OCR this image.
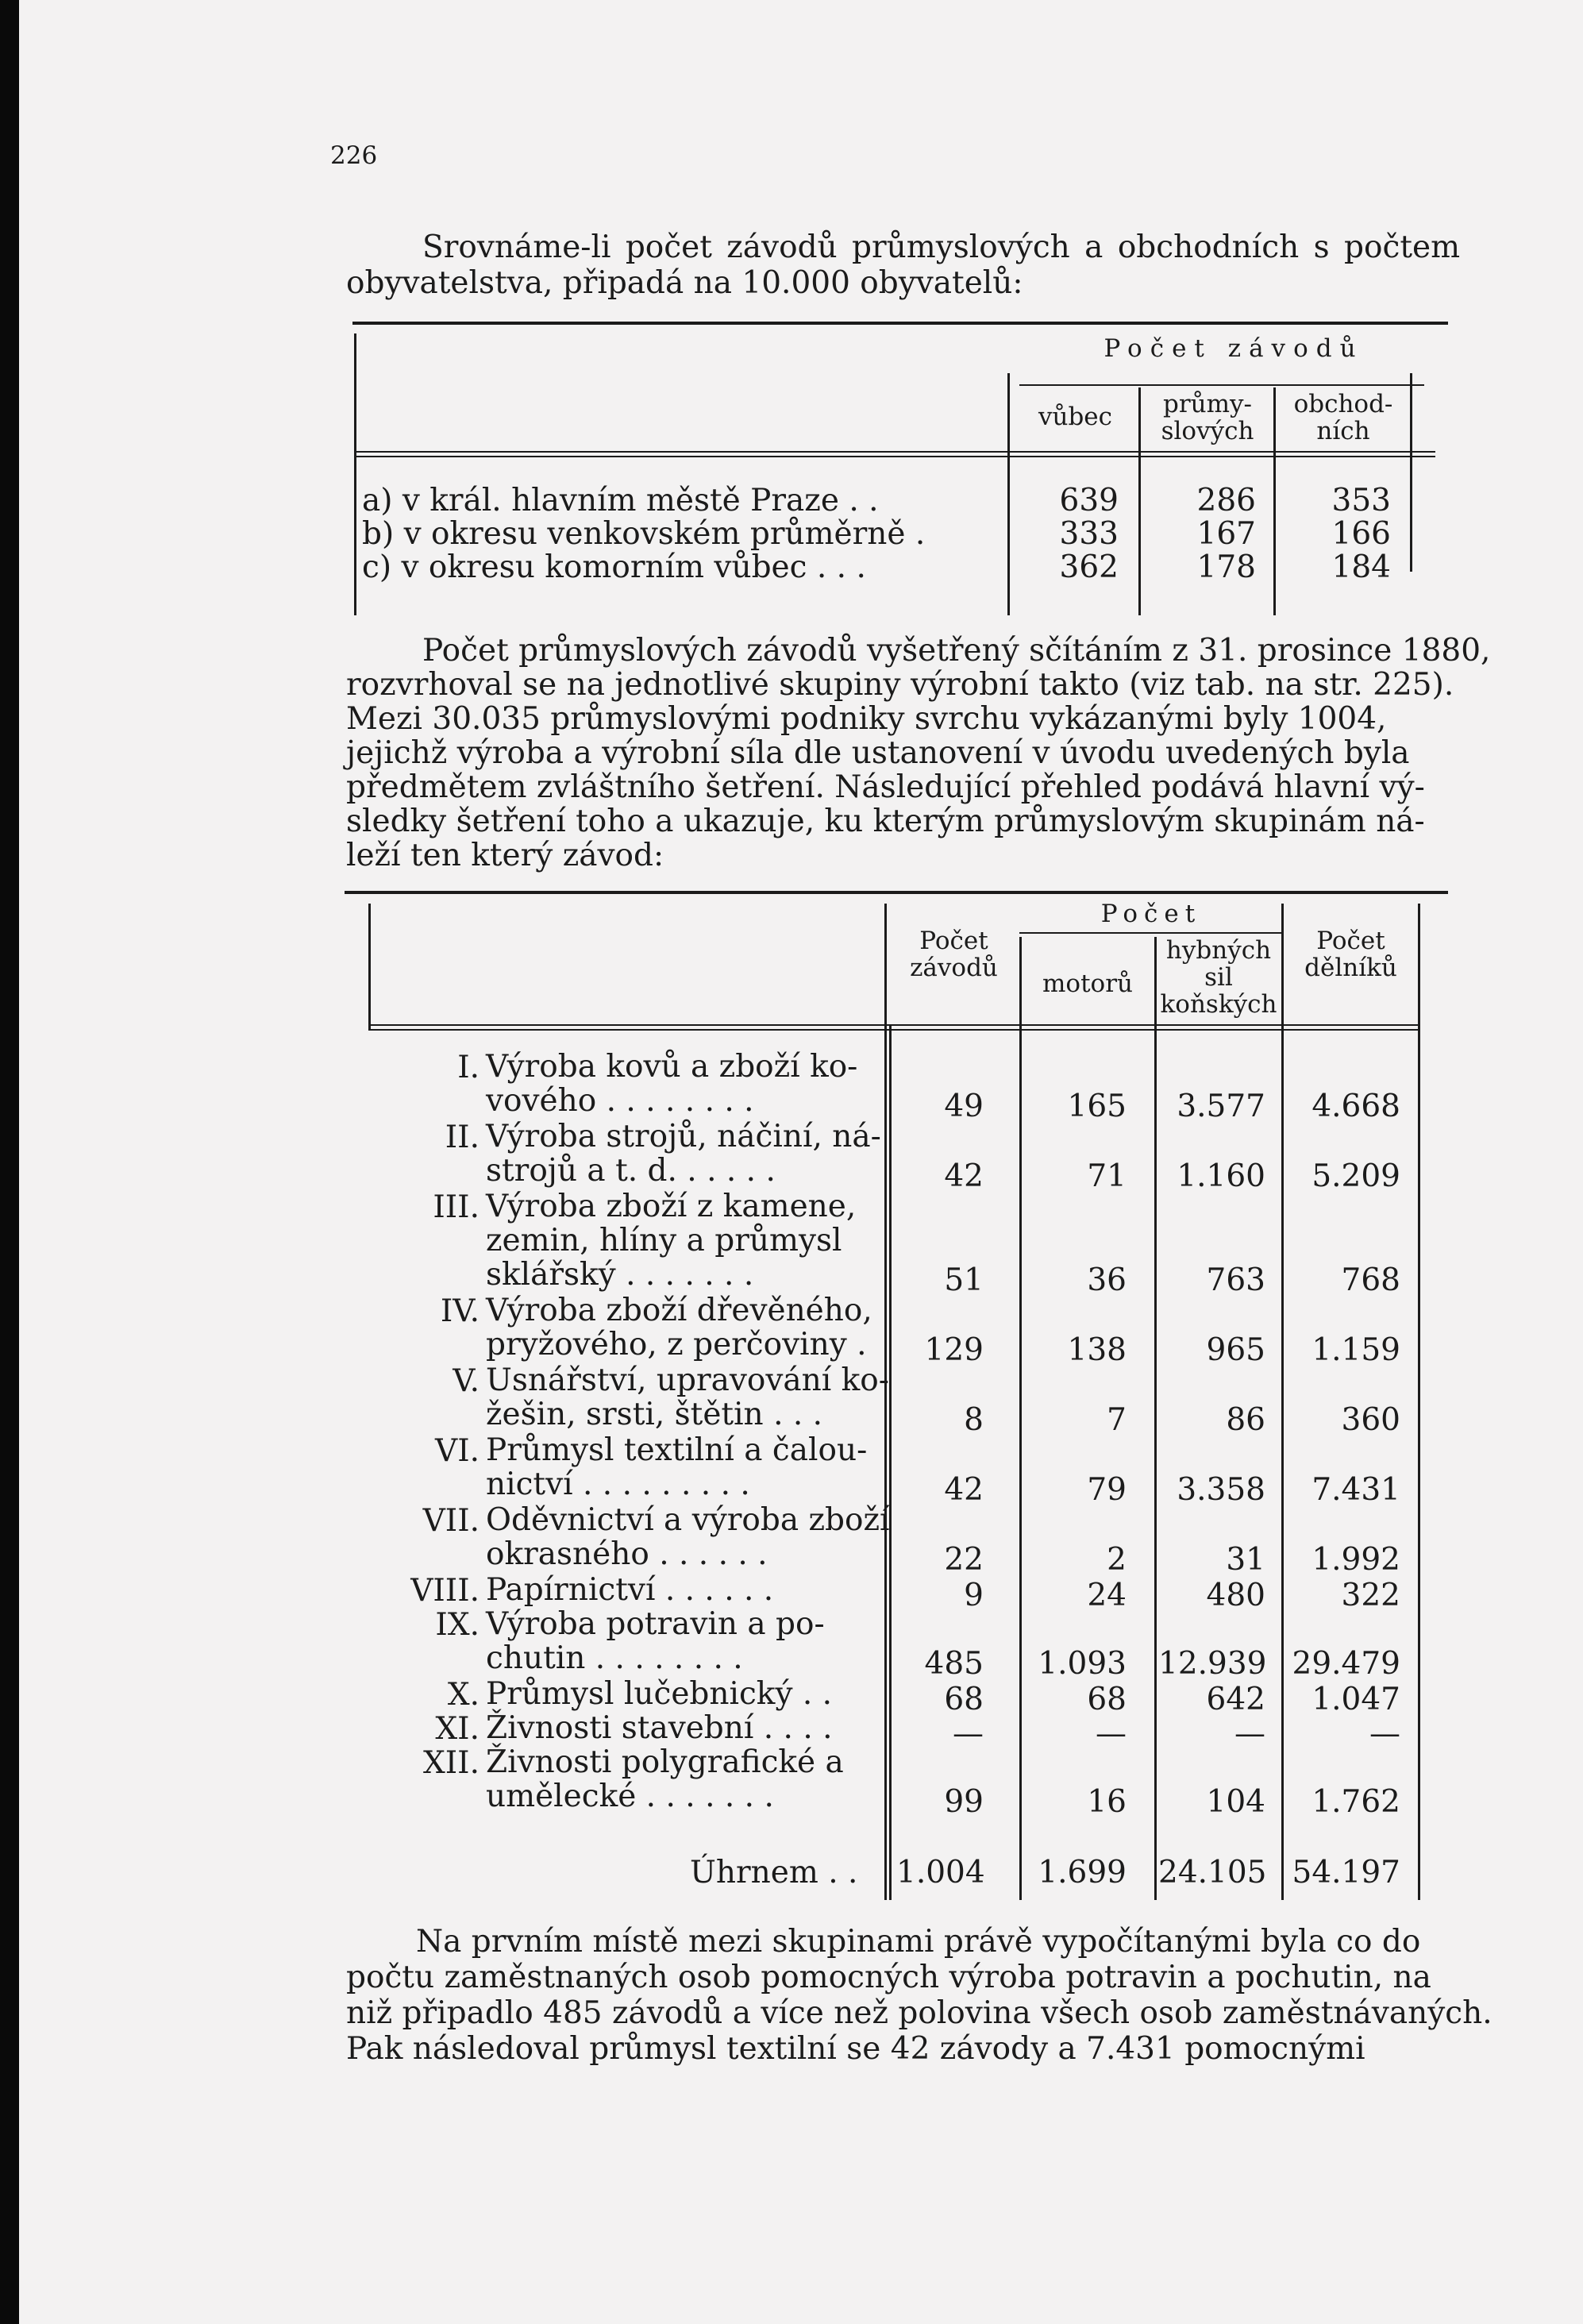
226
Srovnáme-li počet závodů průmyslových a obchodních s počtem
obyvatelstva, připadá na 10.000 obyvatelů:
Počet závodů
vůbec	průmy-
slových
obchod-
ních
a) v král. hlavním městě Praze . .
b) v okresu venkovském průměrně .
c) v okresu komorním vůbec . . .
639	286	353
333	167	166
362	178	184
Počet průmyslových závodů vyšetřený sčítáním z 31. prosince 1880,
rozvrhoval se na jednotlivé skupiny výrobní takto (viz tab. na str. 225).
Mezi 30.035 průmyslovými podniky svrchu vykázanými byly 1004,
jejichž výroba a výrobní síla dle ustanovení v úvodu uvedených byla
předmětem zvláštního šetření. Následující přehled podává hlavní vý-
sledky šetření toho a ukazuje, ku kterým průmyslovým skupinám ná-
leží ten který závod:
Počet
závodů
Počet
motorů
hybných
sil
koňských
Počet
dělníků
I. Výroba kovů a zboží ko-
vového . . . . . . . .	49	165	3.577	4.668
II. Výroba strojů, náčiní, ná-
strojů a t. d. . . . . .	42	71	1.160	5.209
III. Výroba zboží z kamene,
zemin, hlíny a průmysl
sklářský . . . . . . .	51	36	763	768
IV. Výroba zboží dřevěného,
pryžového, z perčoviny .	129	138	965	1.159
V. Usnářství, upravování ko-
žešin, srsti, štětin . . .	8	7	86	360
VI. Průmysl textilní a čalou-
nictví . . . . . . . . .	42	79	3.358	7.431
VII. Oděvnictví a výroba zboží
okrasného . . . . . .	22	2	31	1.992
VIII. Papírnictví . . . . . .	9	24	480	322
IX. Výroba potravin a po-
chutin . . . . . . . .	485	1.093 12.939 29.479
X. Průmysl lučebnický . .	68	68	642	1.047
XI. Živnosti stavební . . . .	—	—	—	—
XII. Živnosti polygrafické a
umělecké . . . . . . .	99	16	104	1.762
Úhrnem . . 1.004	1.699 24.105 54.197
Na prvním místě mezi skupinami právě vypočítanými byla co do
počtu zaměstnaných osob pomocných výroba potravin a pochutin, na
niž připadlo 485 závodů a více než polovina všech osob zaměstnávaných.
Pak následoval průmysl textilní se 42 závody a 7.431 pomocnými
